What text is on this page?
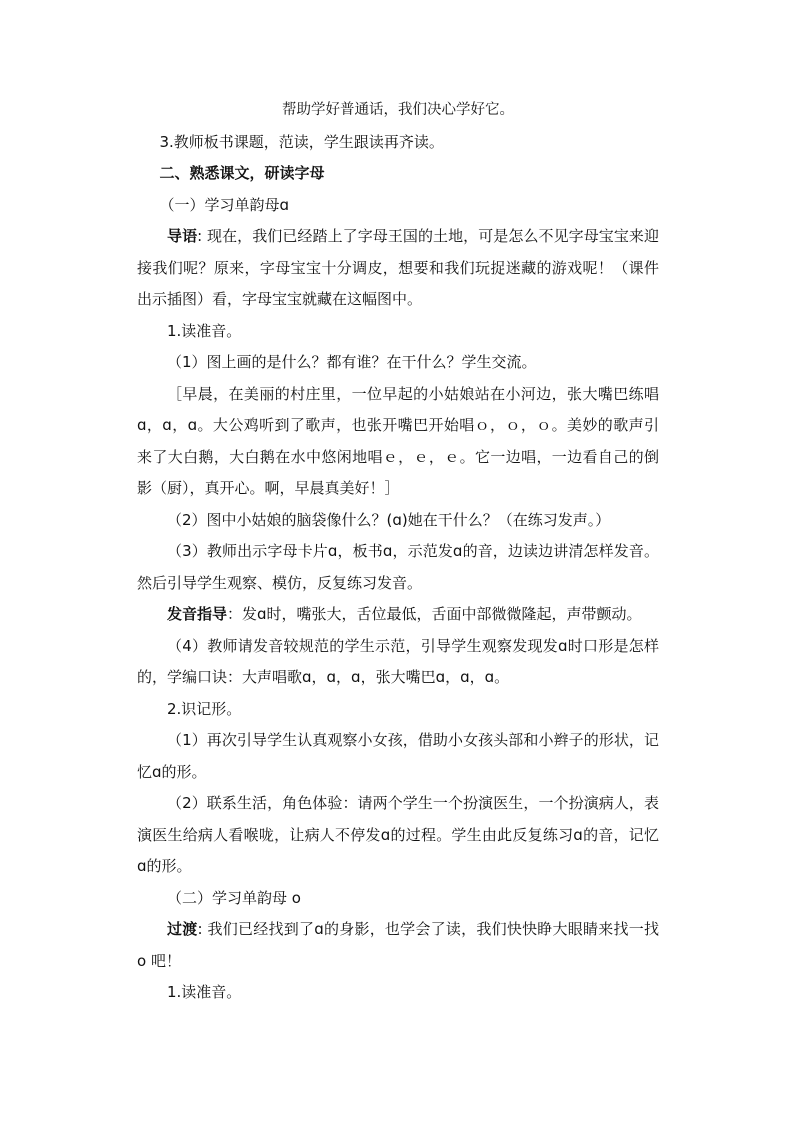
帮助学好普通话，我们决心学好它。

3.教师板书课题，范读，学生跟读再齐读。

二、熟悉课文，研读字母

（一）学习单韵母ɑ

导语: 现在，我们已经踏上了字母王国的土地，可是怎么不见字母宝宝来迎接我们呢？原来，字母宝宝十分调皮，想要和我们玩捉迷藏的游戏呢！（课件出示插图）看，字母宝宝就藏在这幅图中。

1.读准音。

（1）图上画的是什么？都有谁？在干什么？学生交流。

［早晨，在美丽的村庄里，一位早起的小姑娘站在小河边，张大嘴巴练唱ɑ，ɑ，ɑ。大公鸡听到了歌声，也张开嘴巴开始唱ｏ，ｏ，ｏ。美妙的歌声引来了大白鹅，大白鹅在水中悠闲地唱ｅ，ｅ，ｅ。它一边唱，一边看自己的倒影（厨），真开心。啊，早晨真美好！］

（2）图中小姑娘的脑袋像什么？(ɑ)她在干什么？（在练习发声。）

（3）教师出示字母卡片ɑ，板书ɑ，示范发ɑ的音，边读边讲清怎样发音。然后引导学生观察、模仿，反复练习发音。

发音指导：发ɑ时，嘴张大，舌位最低，舌面中部微微隆起，声带颤动。

（4）教师请发音较规范的学生示范，引导学生观察发现发ɑ时口形是怎样的，学编口诀：大声唱歌ɑ，ɑ，ɑ，张大嘴巴ɑ，ɑ，ɑ。

2.识记形。

（1）再次引导学生认真观察小女孩，借助小女孩头部和小辫子的形状，记忆ɑ的形。

（2）联系生活，角色体验：请两个学生一个扮演医生，一个扮演病人，表演医生给病人看喉咙，让病人不停发ɑ的过程。学生由此反复练习ɑ的音，记忆ɑ的形。

（二）学习单韵母 o

过渡: 我们已经找到了ɑ的身影，也学会了读，我们快快睁大眼睛来找一找 o 吧！

1.读准音。
